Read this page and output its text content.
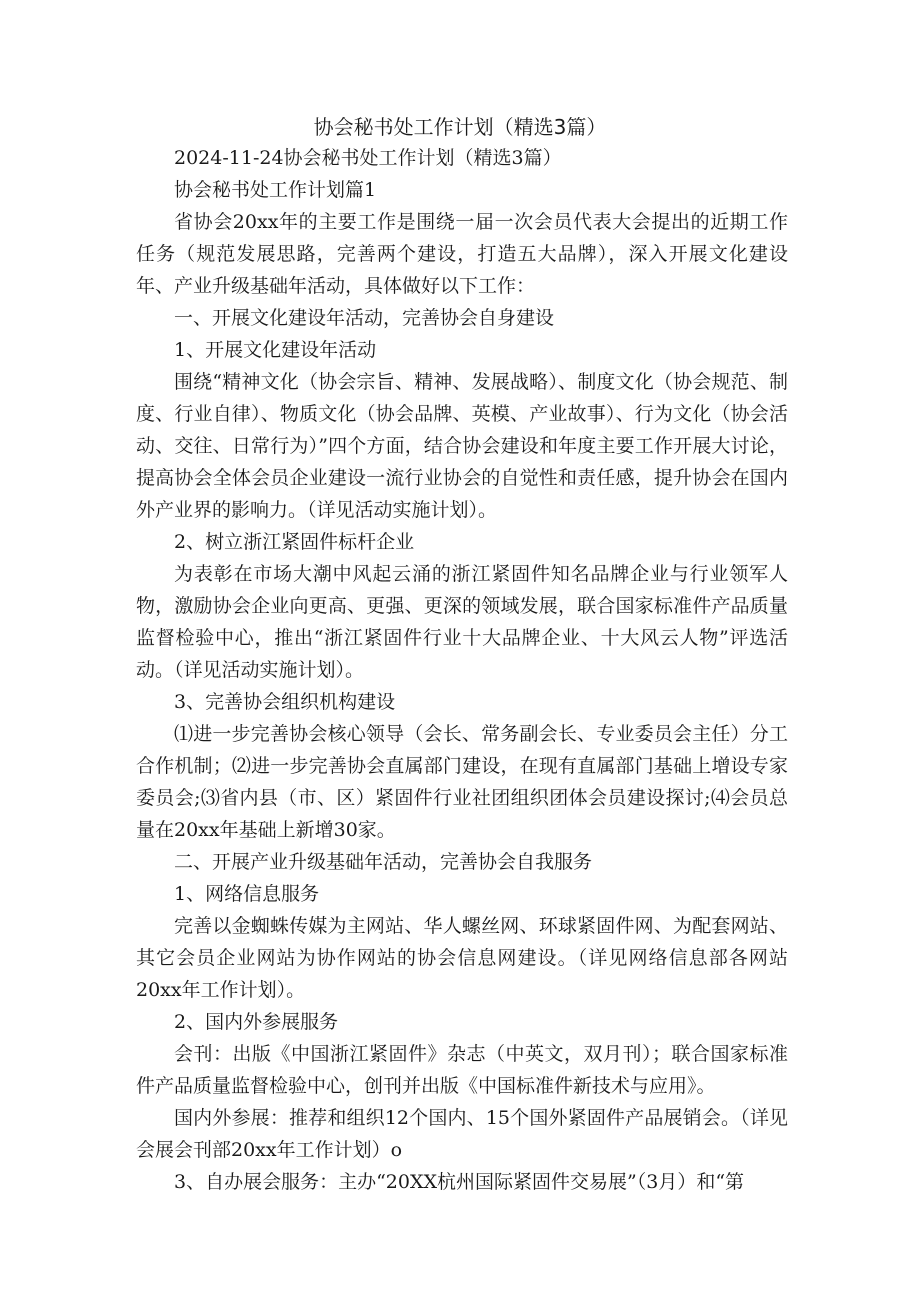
协会秘书处工作计划（精选3篇）

2024-11-24协会秘书处工作计划（精选3篇）

协会秘书处工作计划篇1

省协会20xx年的主要工作是围绕一届一次会员代表大会提出的近期工作任务（规范发展思路，完善两个建设，打造五大品牌），深入开展文化建设年、产业升级基础年活动，具体做好以下工作：

一、开展文化建设年活动，完善协会自身建设

1、开展文化建设年活动

围绕“精神文化（协会宗旨、精神、发展战略）、制度文化（协会规范、制度、行业自律）、物质文化（协会品牌、英模、产业故事）、行为文化（协会活动、交往、日常行为）”四个方面，结合协会建设和年度主要工作开展大讨论，提高协会全体会员企业建设一流行业协会的自觉性和责任感，提升协会在国内外产业界的影响力。（详见活动实施计划）。

2、树立浙江紧固件标杆企业

为表彰在市场大潮中风起云涌的浙江紧固件知名品牌企业与行业领军人物，激励协会企业向更高、更强、更深的领域发展，联合国家标准件产品质量监督检验中心，推出“浙江紧固件行业十大品牌企业、十大风云人物”评选活动。（详见活动实施计划）。

3、完善协会组织机构建设

⑴进一步完善协会核心领导（会长、常务副会长、专业委员会主任）分工合作机制；⑵进一步完善协会直属部门建设，在现有直属部门基础上增设专家委员会;⑶省内县（市、区）紧固件行业社团组织团体会员建设探讨;⑷会员总量在20xx年基础上新增30家。

二、开展产业升级基础年活动，完善协会自我服务

1、网络信息服务

完善以金蜘蛛传媒为主网站、华人螺丝网、环球紧固件网、为配套网站、其它会员企业网站为协作网站的协会信息网建设。（详见网络信息部各网站20xx年工作计划）。

2、国内外参展服务

会刊：出版《中国浙江紧固件》杂志（中英文，双月刊）；联合国家标准件产品质量监督检验中心，创刊并出版《中国标准件新技术与应用》。

国内外参展：推荐和组织12个国内、15个国外紧固件产品展销会。（详见会展会刊部20xx年工作计划）o

3、自办展会服务：主办“20XX杭州国际紧固件交易展”（3月）和“第
